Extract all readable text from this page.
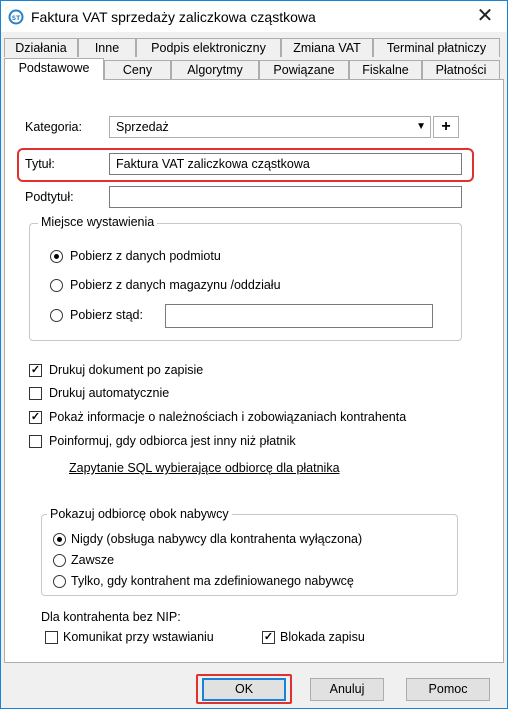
ST Faktura VAT sprzedaży zaliczkowa cząstkowa	✕
Działania	Inne	Podpis elektroniczny	Zmiana VAT	Terminal płatniczy
Podstawowe	Ceny	Algorytmy	Powiązane	Fiskalne	Płatności
Kategoria:	Sprzedaż	▼ +
Tytuł:	Faktura VAT zaliczkowa cząstkowa
Podtytuł:
Miejsce wystawienia
Pobierz z danych podmiotu
Pobierz z danych magazynu /oddziału
Pobierz stąd:
✓ Drukuj dokument po zapisie
Drukuj automatycznie
✓ Pokaż informacje o należnościach i zobowiązaniach kontrahenta
Poinformuj, gdy odbiorca jest inny niż płatnik
Zapytanie SQL wybierające odbiorcę dla płatnika
Pokazuj odbiorcę obok nabywcy
Nigdy (obsługa nabywcy dla kontrahenta wyłączona)
Zawsze
Tylko, gdy kontrahent ma zdefiniowanego nabywcę
Dla kontrahenta bez NIP:
Komunikat przy wstawianiu	✓ Blokada zapisu
OK	Anuluj	Pomoc
